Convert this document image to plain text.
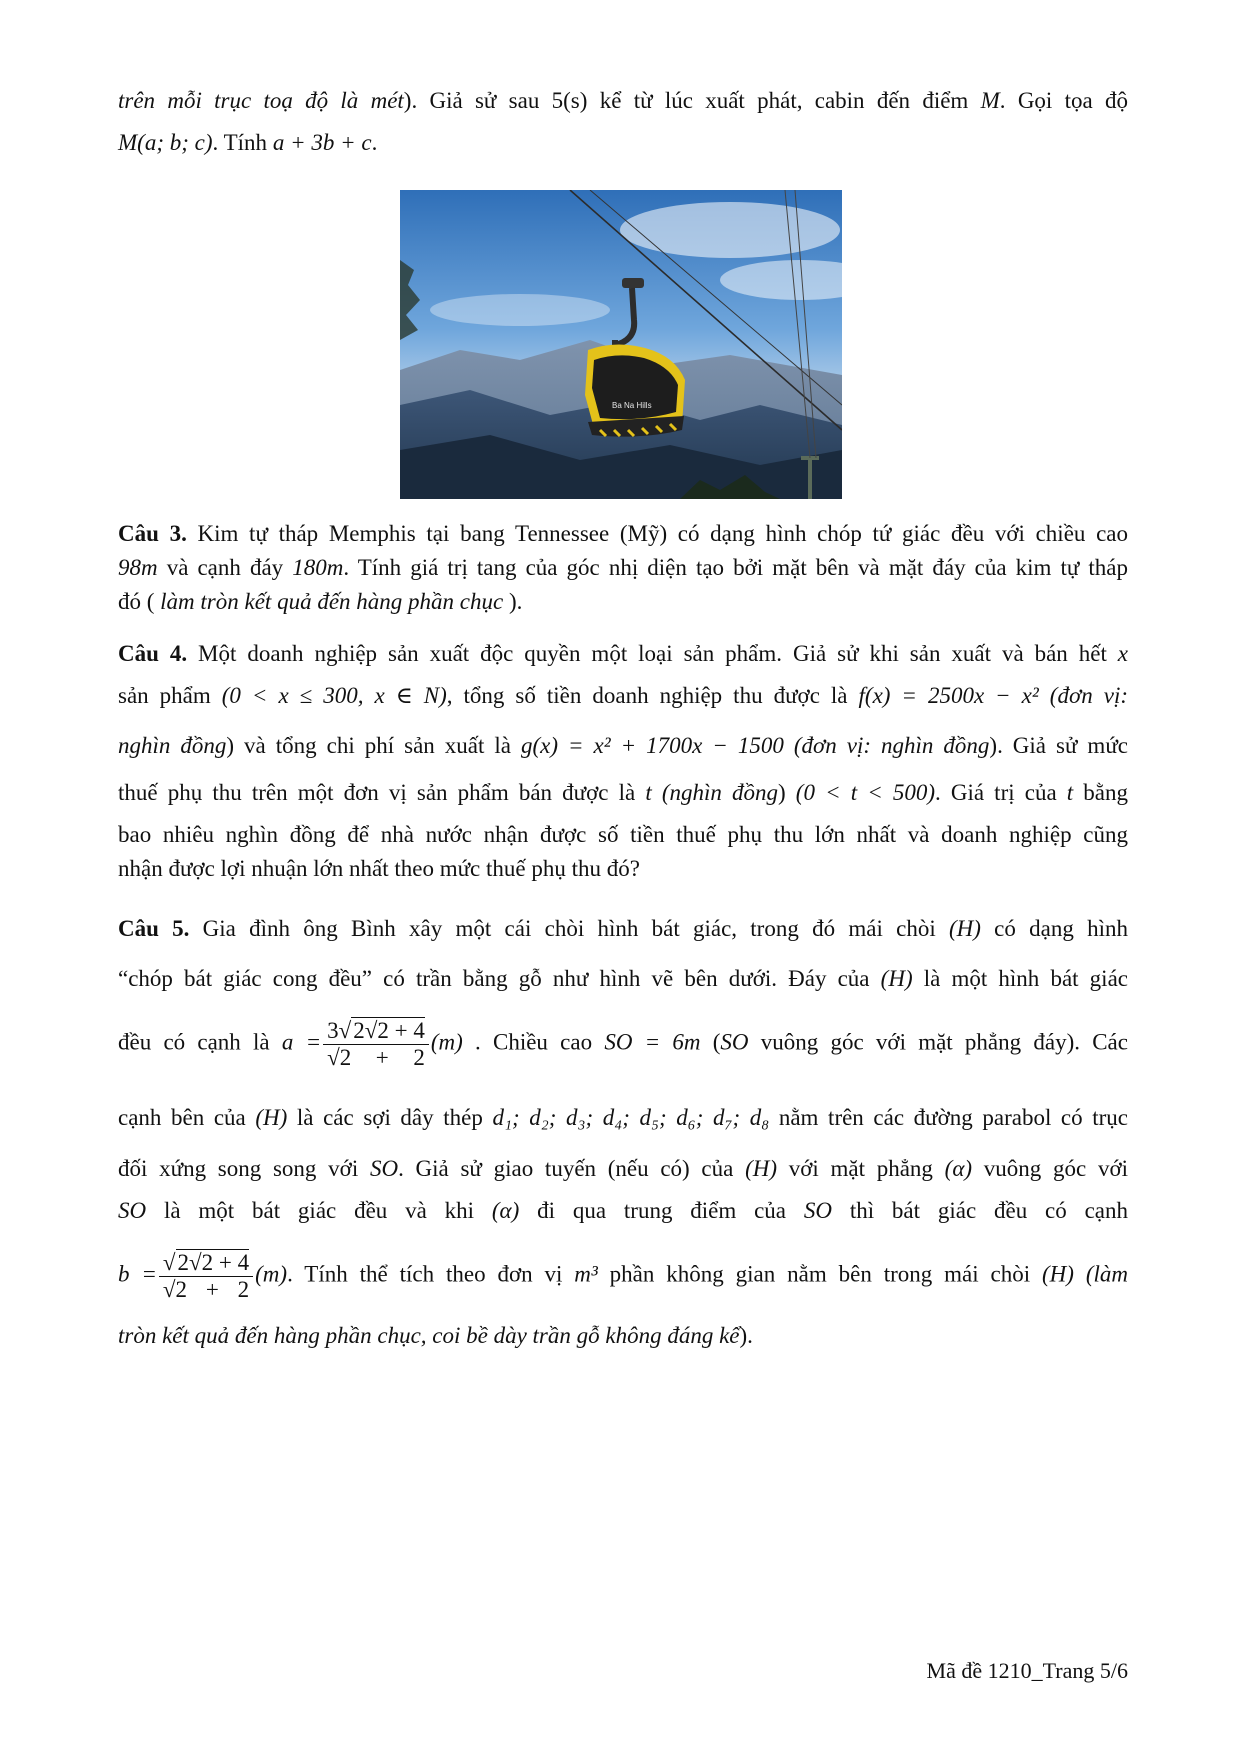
trên mỗi trục toạ độ là mét). Giả sử sau 5(s) kể từ lúc xuất phát, cabin đến điểm M. Gọi tọa độ
M(a; b; c). Tính a + 3b + c.
Ba Na Hills
Câu 3. Kim tự tháp Memphis tại bang Tennessee (Mỹ) có dạng hình chóp tứ giác đều với chiều cao
98m và cạnh đáy 180m. Tính giá trị tang của góc nhị diện tạo bởi mặt bên và mặt đáy của kim tự tháp
đó ( làm tròn kết quả đến hàng phần chục ).
Câu 4. Một doanh nghiệp sản xuất độc quyền một loại sản phẩm. Giả sử khi sản xuất và bán hết x
sản phẩm (0 < x ≤ 300, x ∈ N), tổng số tiền doanh nghiệp thu được là f(x) = 2500x − x² (đơn vị:
nghìn đồng) và tổng chi phí sản xuất là g(x) = x² + 1700x − 1500 (đơn vị: nghìn đồng). Giả sử mức
thuế phụ thu trên một đơn vị sản phẩm bán được là t (nghìn đồng) (0 < t < 500). Giá trị của t bằng
bao nhiêu nghìn đồng để nhà nước nhận được số tiền thuế phụ thu lớn nhất và doanh nghiệp cũng
nhận được lợi nhuận lớn nhất theo mức thuế phụ thu đó?
Câu 5. Gia đình ông Bình xây một cái chòi hình bát giác, trong đó mái chòi (H) có dạng hình
“chóp bát giác cong đều” có trần bằng gỗ như hình vẽ bên dưới. Đáy của (H) là một hình bát giác
đều có cạnh là $a = \frac{3√2√2 + 4}{√2 + 2} (m)$ . Chiều cao SO = 6m (SO vuông góc với mặt phẳng đáy). Các
cạnh bên của (H) là các sợi dây thép d₁; d₂; d₃; d₄; d₅; d₆; d₇; d₈ nằm trên các đường parabol có trục
đối xứng song song với SO. Giả sử giao tuyến (nếu có) của (H) với mặt phẳng (α) vuông góc với
SO là một bát giác đều và khi (α) đi qua trung điểm của SO thì bát giác đều có cạnh
$b = \frac{√2√2 + 4}{√2 + 2} (m)$. Tính thể tích theo đơn vị m³ phần không gian nằm bên trong mái chòi (H) (làm
tròn kết quả đến hàng phần chục, coi bề dày trần gỗ không đáng kể).
Mã đề 1210_Trang 5/6
